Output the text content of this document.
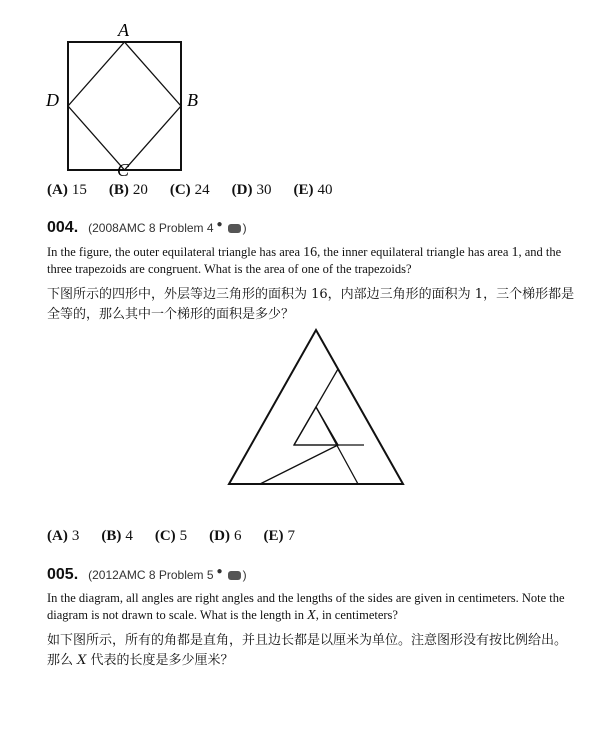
A
B
C
D
(A) 15 (B) 20 (C) 24 (D) 30 (E) 40
004. (2008AMC 8 Problem 4 ● )
In the figure, the outer equilateral triangle has area 16, the inner equilateral triangle has area 1, and the three trapezoids are congruent. What is the area of one of the trapezoids?
下图所示的四形中，外层等边三角形的面积为 16，内部边三角形的面积为 1，三个梯形都是全等的，那么其中一个梯形的面积是多少？
(A) 3 (B) 4 (C) 5 (D) 6 (E) 7
005. (2012AMC 8 Problem 5 ● )
In the diagram, all angles are right angles and the lengths of the sides are given in centimeters. Note the diagram is not drawn to scale. What is the length in X, in centimeters?
如下图所示，所有的角都是直角，并且边长都是以厘米为单位。注意图形没有按比例给出。那么 X 代表的长度是多少厘米？
